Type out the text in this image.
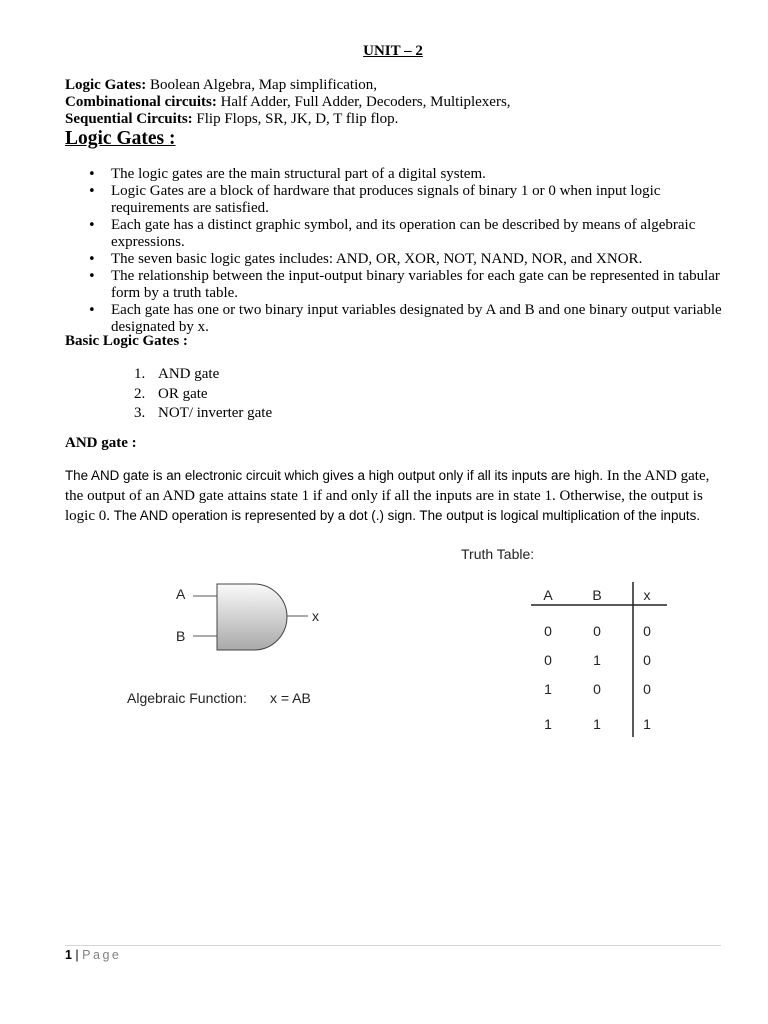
UNIT – 2
Logic Gates: Boolean Algebra, Map simplification,
Combinational circuits: Half Adder, Full Adder, Decoders, Multiplexers,
Sequential Circuits: Flip Flops, SR, JK, D, T flip flop.
Logic Gates :
• The logic gates are the main structural part of a digital system.
• Logic Gates are a block of hardware that produces signals of binary 1 or 0 when input logic requirements are satisfied.
• Each gate has a distinct graphic symbol, and its operation can be described by means of algebraic expressions.
• The seven basic logic gates includes: AND, OR, XOR, NOT, NAND, NOR, and XNOR.
• The relationship between the input-output binary variables for each gate can be represented in tabular form by a truth table.
• Each gate has one or two binary input variables designated by A and B and one binary output variable designated by x.
Basic Logic Gates :
1. AND gate
2. OR gate
3. NOT/ inverter gate
AND gate :
The AND gate is an electronic circuit which gives a high output only if all its inputs are high. In the AND gate, the output of an AND gate attains state 1 if and only if all the inputs are in state 1. Otherwise, the output is logic 0. The AND operation is represented by a dot (.) sign. The output is logical multiplication of the inputs.
A
B
x
Algebraic Function: x = AB
Truth Table:
A	B	x
0	0	0
0	1	0
1	0	0
1	1	1
1 | Page
